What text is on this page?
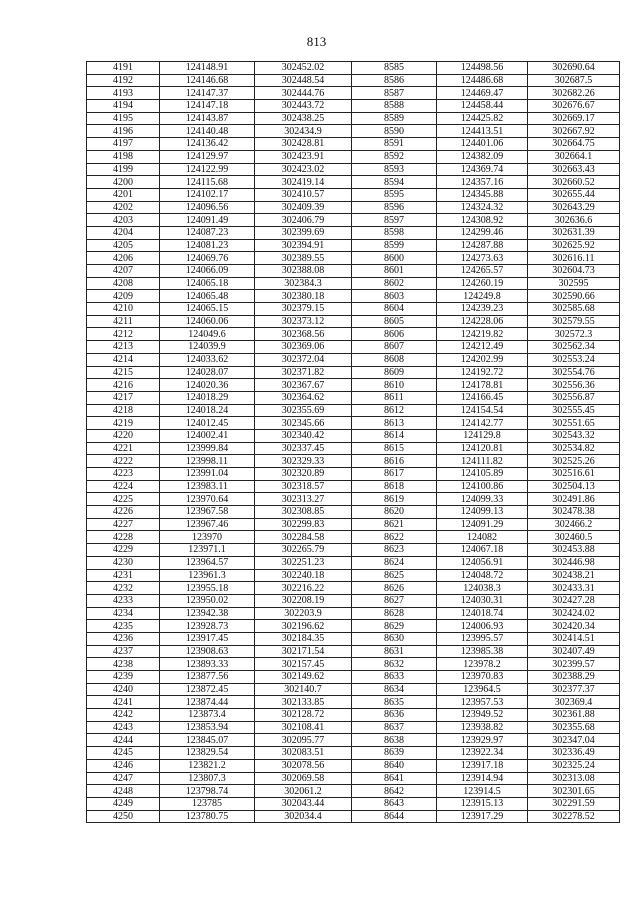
813
4191	124148.91	302452.02	8585	124498.56	302690.64
4192	124146.68	302448.54	8586	124486.68	302687.5
4193	124147.37	302444.76	8587	124469.47	302682.26
4194	124147.18	302443.72	8588	124458.44	302676.67
4195	124143.87	302438.25	8589	124425.82	302669.17
4196	124140.48	302434.9	8590	124413.51	302667.92
4197	124136.42	302428.81	8591	124401.06	302664.75
4198	124129.97	302423.91	8592	124382.09	302664.1
4199	124122.99	302423.02	8593	124369.74	302663.43
4200	124115.68	302419.14	8594	124357.16	302660.52
4201	124102.17	302410.57	8595	124345.88	302655.44
4202	124096.56	302409.39	8596	124324.32	302643.29
4203	124091.49	302406.79	8597	124308.92	302636.6
4204	124087.23	302399.69	8598	124299.46	302631.39
4205	124081.23	302394.91	8599	124287.88	302625.92
4206	124069.76	302389.55	8600	124273.63	302616.11
4207	124066.09	302388.08	8601	124265.57	302604.73
4208	124065.18	302384.3	8602	124260.19	302595
4209	124065.48	302380.18	8603	124249.8	302590.66
4210	124065.15	302379.15	8604	124239.23	302585.68
4211	124060.06	302373.12	8605	124228.06	302579.55
4212	124049.6	302368.56	8606	124219.82	302572.3
4213	124039.9	302369.06	8607	124212.49	302562.34
4214	124033.62	302372.04	8608	124202.99	302553.24
4215	124028.07	302371.82	8609	124192.72	302554.76
4216	124020.36	302367.67	8610	124178.81	302556.36
4217	124018.29	302364.62	8611	124166.45	302556.87
4218	124018.24	302355.69	8612	124154.54	302555.45
4219	124012.45	302345.66	8613	124142.77	302551.65
4220	124002.41	302340.42	8614	124129.8	302543.32
4221	123999.84	302337.45	8615	124120.81	302534.82
4222	123998.11	302329.33	8616	124111.82	302525.26
4223	123991.04	302320.89	8617	124105.89	302516.61
4224	123983.11	302318.57	8618	124100.86	302504.13
4225	123970.64	302313.27	8619	124099.33	302491.86
4226	123967.58	302308.85	8620	124099.13	302478.38
4227	123967.46	302299.83	8621	124091.29	302466.2
4228	123970	302284.58	8622	124082	302460.5
4229	123971.1	302265.79	8623	124067.18	302453.88
4230	123964.57	302251.23	8624	124056.91	302446.98
4231	123961.3	302240.18	8625	124048.72	302438.21
4232	123955.18	302216.22	8626	124038.3	302433.31
4233	123950.02	302208.19	8627	124030.31	302427.28
4234	123942.38	302203.9	8628	124018.74	302424.02
4235	123928.73	302196.62	8629	124006.93	302420.34
4236	123917.45	302184.35	8630	123995.57	302414.51
4237	123908.63	302171.54	8631	123985.38	302407.49
4238	123893.33	302157.45	8632	123978.2	302399.57
4239	123877.56	302149.62	8633	123970.83	302388.29
4240	123872.45	302140.7	8634	123964.5	302377.37
4241	123874.44	302133.85	8635	123957.53	302369.4
4242	123873.4	302128.72	8636	123949.52	302361.88
4243	123853.94	302108.41	8637	123938.82	302355.68
4244	123845.07	302095.77	8638	123929.97	302347.04
4245	123829.54	302083.51	8639	123922.34	302336.49
4246	123821.2	302078.56	8640	123917.18	302325.24
4247	123807.3	302069.58	8641	123914.94	302313.08
4248	123798.74	302061.2	8642	123914.5	302301.65
4249	123785	302043.44	8643	123915.13	302291.59
4250	123780.75	302034.4	8644	123917.29	302278.52
